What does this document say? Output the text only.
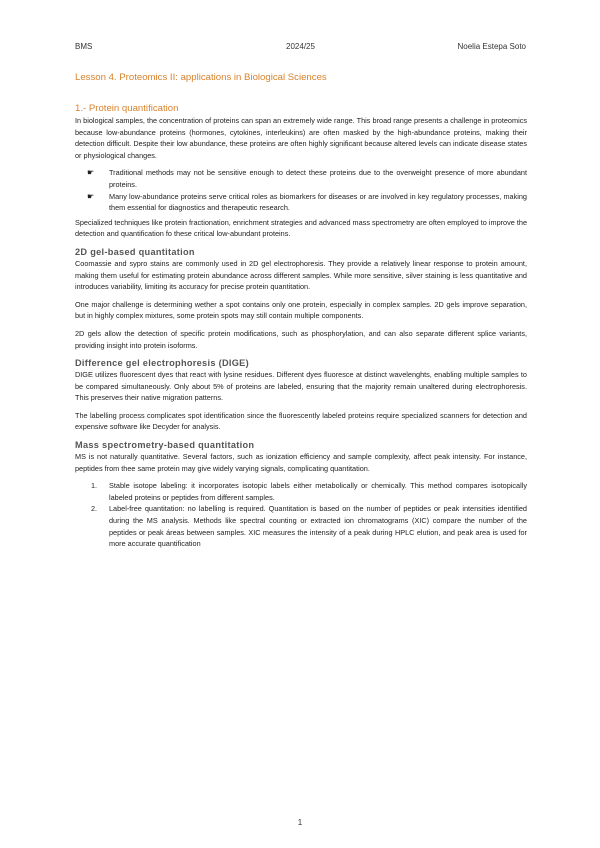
BMS	2024/25	Noelia Estepa Soto
Lesson 4. Proteomics II: applications in Biological Sciences
1.- Protein quantification

In biological samples, the concentration of proteins can span an extremely wide range. This broad range presents a challenge in proteomics because low-abundance proteins (hormones, cytokines, interleukins) are often masked by the high-abundance proteins, making their detection difficult. Despite their low abundance, these proteins are often highly significant because altered levels can indicate disease states or physiological changes.

☛ Traditional methods may not be sensitive enough to detect these proteins due to the overweight presence of more abundant proteins.
☛ Many low-abundance proteins serve critical roles as biomarkers for diseases or are involved in key regulatory processes, making them essential for diagnostics and therapeutic research.

Specialized techniques like protein fractionation, enrichment strategies and advanced mass spectrometry are often employed to improve the detection and quantification fo these critical low-abundant proteins.

2D gel-based quantitation

Coomassie and sypro stains are commonly used in 2D gel electrophoresis. They provide a relatively linear response to protein amount, making them useful for estimating protein abundance across different samples. While more sensitive, silver staining is less quantitative and introduces variability, limiting its accuracy for precise protein quantitation.

One major challenge is determining wether a spot contains only one protein, especially in complex samples. 2D gels improve separation, but in highly complex mixtures, some protein spots may still contain multiple components.

2D gels allow the detection of specific protein modifications, such as phosphorylation, and can also separate different splice variants, providing insight into protein isoforms.

Difference gel electrophoresis (DIGE)

DIGE utilizes fluorescent dyes that react with lysine residues. Different dyes fluoresce at distinct wavelenghts, enabling multiple samples to be compared simultaneously. Only about 5% of proteins are labeled, ensuring that the majority remain unaltered during electrophoresis. This preserves their native migration patterns.

The labelling process complicates spot identification since the fluorescently labeled proteins require specialized scanners for detection and expensive software like Decyder for analysis.

Mass spectrometry-based quantitation

MS is not naturally quantitative. Several factors, such as ionization efficiency and sample complexity, affect peak intensity. For instance, peptides from thee same protein may give widely varying signals, complicating quantitation.

1. Stable isotope labeling: it incorporates isotopic labels either metabolically or chemically. This method compares isotopically labeled proteins or peptides from different samples.
2. Label-free quantitation: no labelling is required. Quantitation is based on the number of peptides or peak intensities identified during the MS analysis. Methods like spectral counting or extracted ion chromatograms (XIC) compare the number of the peptides or peak áreas between samples. XIC measures the intensity of a peak during HPLC elution, and peak area is used for more accurate quantification
1
